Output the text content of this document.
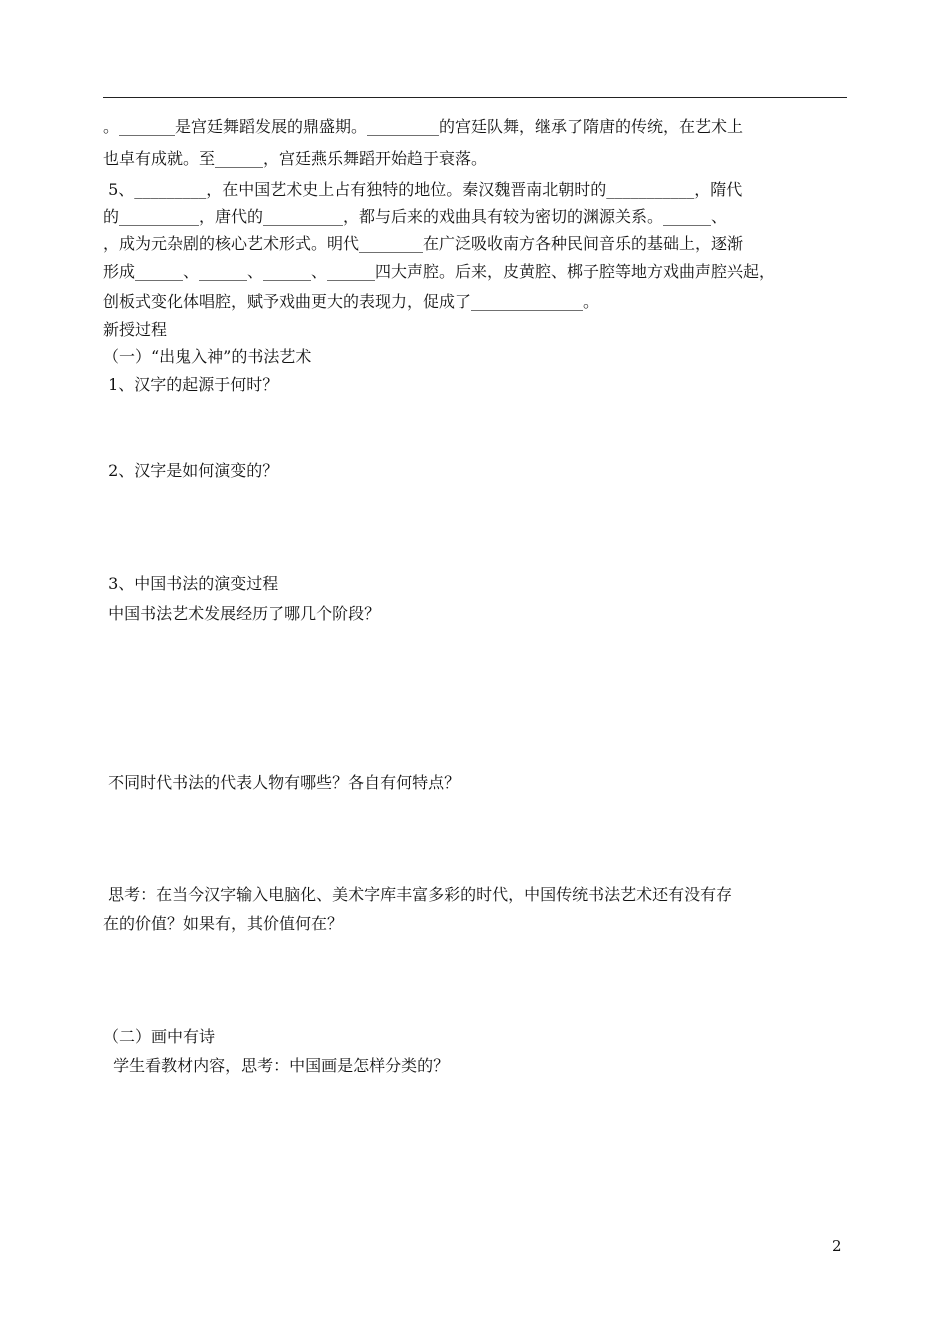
。_______是宫廷舞蹈发展的鼎盛期。_________的宫廷队舞，继承了隋唐的传统，在艺术上
也卓有成就。至______，宫廷燕乐舞蹈开始趋于衰落。
5、_________，在中国艺术史上占有独特的地位。秦汉魏晋南北朝时的___________，隋代
的__________，唐代的__________，都与后来的戏曲具有较为密切的渊源关系。______、
，成为元杂剧的核心艺术形式。明代________在广泛吸收南方各种民间音乐的基础上，逐渐
形成______、______、______、______四大声腔。后来，皮黄腔、梆子腔等地方戏曲声腔兴起，
创板式变化体唱腔，赋予戏曲更大的表现力，促成了______________。
新授过程
（一）“出鬼入神”的书法艺术
1、汉字的起源于何时？
2、汉字是如何演变的？
3、中国书法的演变过程
中国书法艺术发展经历了哪几个阶段？
不同时代书法的代表人物有哪些？各自有何特点？
思考：在当今汉字输入电脑化、美术字库丰富多彩的时代，中国传统书法艺术还有没有存
在的价值？如果有，其价值何在？
（二）画中有诗
学生看教材内容，思考：中国画是怎样分类的？
2
